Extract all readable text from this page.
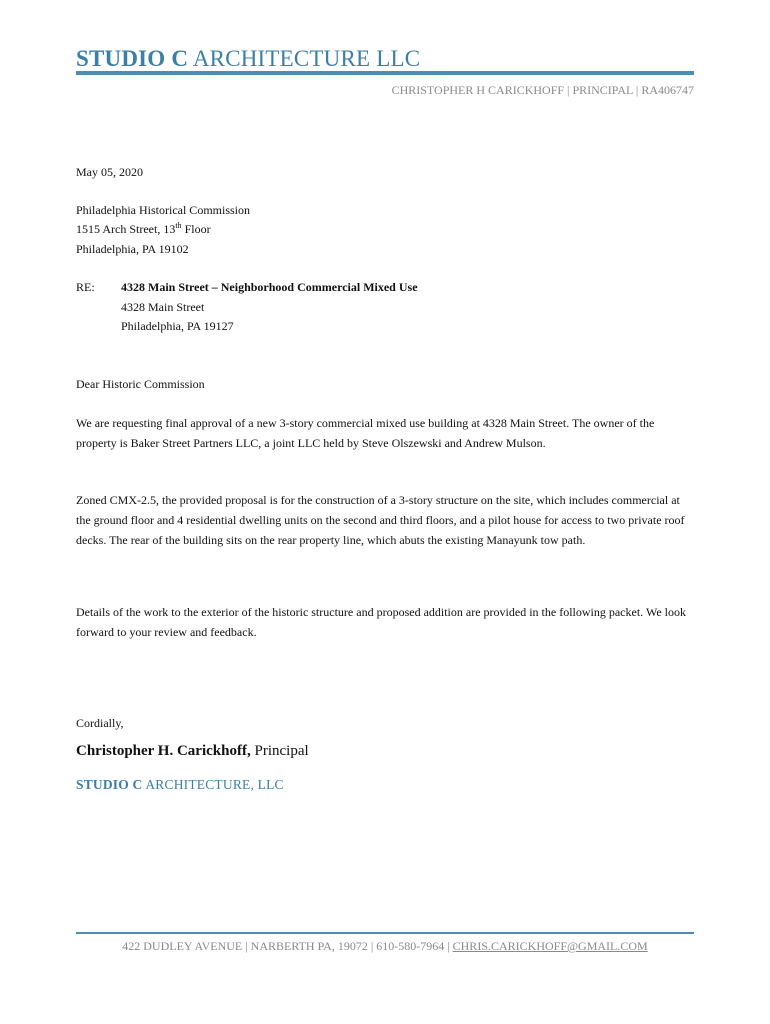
STUDIO C ARCHITECTURE LLC
CHRISTOPHER H CARICKHOFF | PRINCIPAL | RA406747
May 05, 2020
Philadelphia Historical Commission
1515 Arch Street, 13th Floor
Philadelphia, PA 19102
RE: 4328 Main Street – Neighborhood Commercial Mixed Use
4328 Main Street
Philadelphia, PA 19127
Dear Historic Commission
We are requesting final approval of a new 3-story commercial mixed use building at 4328 Main Street. The owner of the property is Baker Street Partners LLC, a joint LLC held by Steve Olszewski and Andrew Mulson.
Zoned CMX-2.5, the provided proposal is for the construction of a 3-story structure on the site, which includes commercial at the ground floor and 4 residential dwelling units on the second and third floors, and a pilot house for access to two private roof decks. The rear of the building sits on the rear property line, which abuts the existing Manayunk tow path.
Details of the work to the exterior of the historic structure and proposed addition are provided in the following packet. We look forward to your review and feedback.
Cordially,
Christopher H. Carickhoff, Principal
STUDIO C ARCHITECTURE, LLC
422 DUDLEY AVENUE | NARBERTH PA, 19072 | 610-580-7964 | CHRIS.CARICKHOFF@GMAIL.COM
